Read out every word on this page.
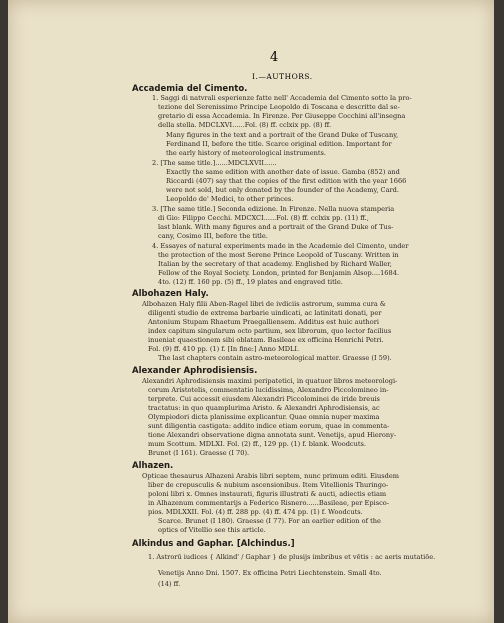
4
I.—AUTHORS.
Accademia del Cimento.
1. Saggi di natvrali esperienze fatte nell' Accademia del Cimento sotto la pro-
tezione del Serenissimo Principe Leopoldo di Toscana e descritte dal se-
gretario di essa Accademia. In Firenze. Per Giuseppe Cocchini all'insegna
della stella. MDCLXVI......Fol. (8) ff. cclxix pp. (8) ff.
Many figures in the text and a portrait of the Grand Duke of Tuscany,
Ferdinand II, before the title. Scarce original edition. Important for
the early history of meteorological instruments.
2. [The same title.]......MDCLXVII......
Exactly the same edition with another date of issue. Gamba (852) and
Riccardi (407) say that the copies of the first edition with the year 1666
were not sold, but only donated by the founder of the Academy, Card.
Leopoldo de' Medici, to other princes.
3. [The same title.] Seconda edizione. In Firenze. Nella nuova stamperia
di Gio: Filippo Cecchi. MDCXCI......Fol. (8) ff. cclxix pp. (11) ff.,
last blank. With many figures and a portrait of the Grand Duke of Tus-
cany, Cosimo III, before the title.
4. Essayes of natural experiments made in the Academie del Cimento, under
the protection of the most Serene Prince Leopold of Tuscany. Written in
Italian by the secretary of that academy. Englished by Richard Waller,
Fellow of the Royal Society. London, printed for Benjamin Alsop....1684.
4to. (12) ff. 160 pp. (5) ff., 19 plates and engraved title.
Albohazen Haly.
Albohazen Haly filii Aben-Ragel libri de ivdiciis astrorum, summa cura &
diligenti studio de extrema barbarie uindicati, ac latinitati donati, per
Antonium Stupam Rhaetum Praegalliensem. Additus est huic authori
index capitum singularum octo partium, sex librorum, quo lector facilius
inueniat quaestionem sibi oblatam. Basileae ex officina Henrichi Petri.
Fol. (9) ff. 410 pp. (1) f. [In fine:] Anno MDLI.
The last chapters contain astro-meteorological matter. Graesse (I 59).
Alexander Aphrodisiensis.
Alexandri Aphrodisiensis maximi peripatetici, in quatuor libros meteorologi-
corum Aristotelis, commentatio lucidissima, Alexandro Piccolomineo in-
terprete. Cui accessit eiusdem Alexandri Piccolominei de iride breuis
tractatus: in quo quamplurima Aristo. & Alexandri Aphrodisiensis, ac
Olympiodori dicta planissime explicantur. Quae omnia nuper maxima
sunt diligentia castigata: addito indice etiam eorum, quae in commenta-
tione Alexandri observatione digna annotata sunt. Venetijs, apud Hierony-
mum Scottum. MDLXI. Fol. (2) ff., 129 pp. (1) f. blank. Woodcuts.
Brunet (I 161). Graesse (I 70).
Alhazen.
Opticae thesaurus Alhazeni Arabis libri septem, nunc primum editi. Eiusdem
liber de crepusculis & nubium ascensionibus. Item Vitellionis Thuringo-
poloni libri x. Omnes instaurati, figuris illustrati & aucti, adiectis etiam
in Alhazenum commentarijs a Federico Risnero......Basileae, per Episco-
pios. MDLXXII. Fol. (4) ff. 288 pp. (4) ff. 474 pp. (1) f. Woodcuts.
Scarce. Brunet (I 180). Graesse (I 77). For an earlier edition of the
optics of Vitellio see this article.
Alkindus and Gaphar. [Alchindus.]
1. Astrorū iudices { Alkind' / Gaphar } de plusijs imbribus et vētis : ac aeris mutatiōe.
Venetijs Anno Dni. 1507. Ex officina Petri Liechtenstein. Small 4to.
(14) ff.
